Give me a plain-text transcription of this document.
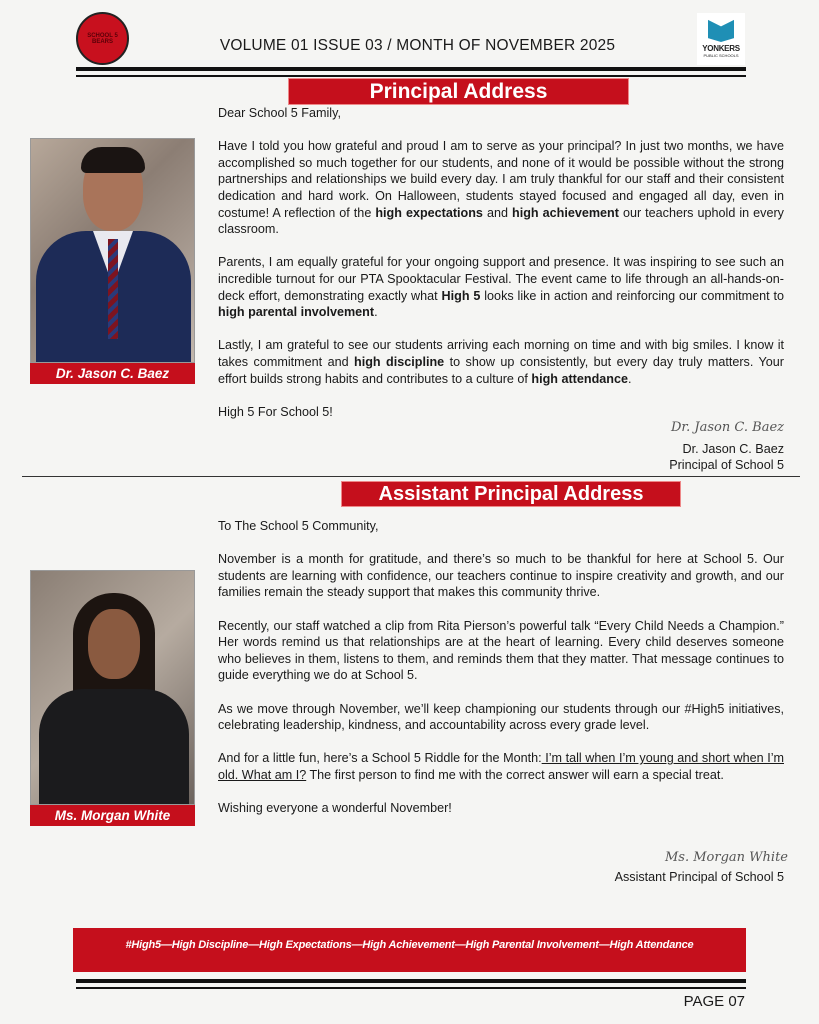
SCHOOL 5 BEARS	VOLUME 01 ISSUE 03 / MONTH OF NOVEMBER 2025	YONKERS
PUBLIC SCHOOLS
Principal Address
Dr. Jason C. Baez

Dear School 5 Family,

Have I told you how grateful and proud I am to serve as your principal? In just two months, we have accomplished so much together for our students, and none of it would be possible without the strong partnerships and relationships we build every day. I am truly thankful for our staff and their consistent dedication and hard work. On Halloween, students stayed focused and engaged all day, even in costume! A reflection of the high expectations and high achievement our teachers uphold in every classroom.

Parents, I am equally grateful for your ongoing support and presence. It was inspiring to see such an incredible turnout for our PTA Spooktacular Festival. The event came to life through an all-hands-on-deck effort, demonstrating exactly what High 5 looks like in action and reinforcing our commitment to high parental involvement.

Lastly, I am grateful to see our students arriving each morning on time and with big smiles. I know it takes commitment and high discipline to show up consistently, but every day truly matters. Your effort builds strong habits and contributes to a culture of high attendance.

High 5 For School 5!

Dr. Jason C. Baez
Dr. Jason C. Baez
Principal of School 5
Assistant Principal Address
Ms. Morgan White

To The School 5 Community,

November is a month for gratitude, and there’s so much to be thankful for here at School 5. Our students are learning with confidence, our teachers continue to inspire creativity and growth, and our families remain the steady support that makes this community thrive.

Recently, our staff watched a clip from Rita Pierson’s powerful talk “Every Child Needs a Champion.” Her words remind us that relationships are at the heart of learning. Every child deserves someone who believes in them, listens to them, and reminds them that they matter. That message continues to guide everything we do at School 5.

As we move through November, we’ll keep championing our students through our #High5 initiatives, celebrating leadership, kindness, and accountability across every grade level.

And for a little fun, here’s a School 5 Riddle for the Month: I’m tall when I’m young and short when I’m old. What am I? The first person to find me with the correct answer will earn a special treat.

Wishing everyone a wonderful November!

Ms. Morgan White
Assistant Principal of School 5
#High5—High Discipline—High Expectations—High Achievement—High Parental Involvement—High Attendance
PAGE 07
